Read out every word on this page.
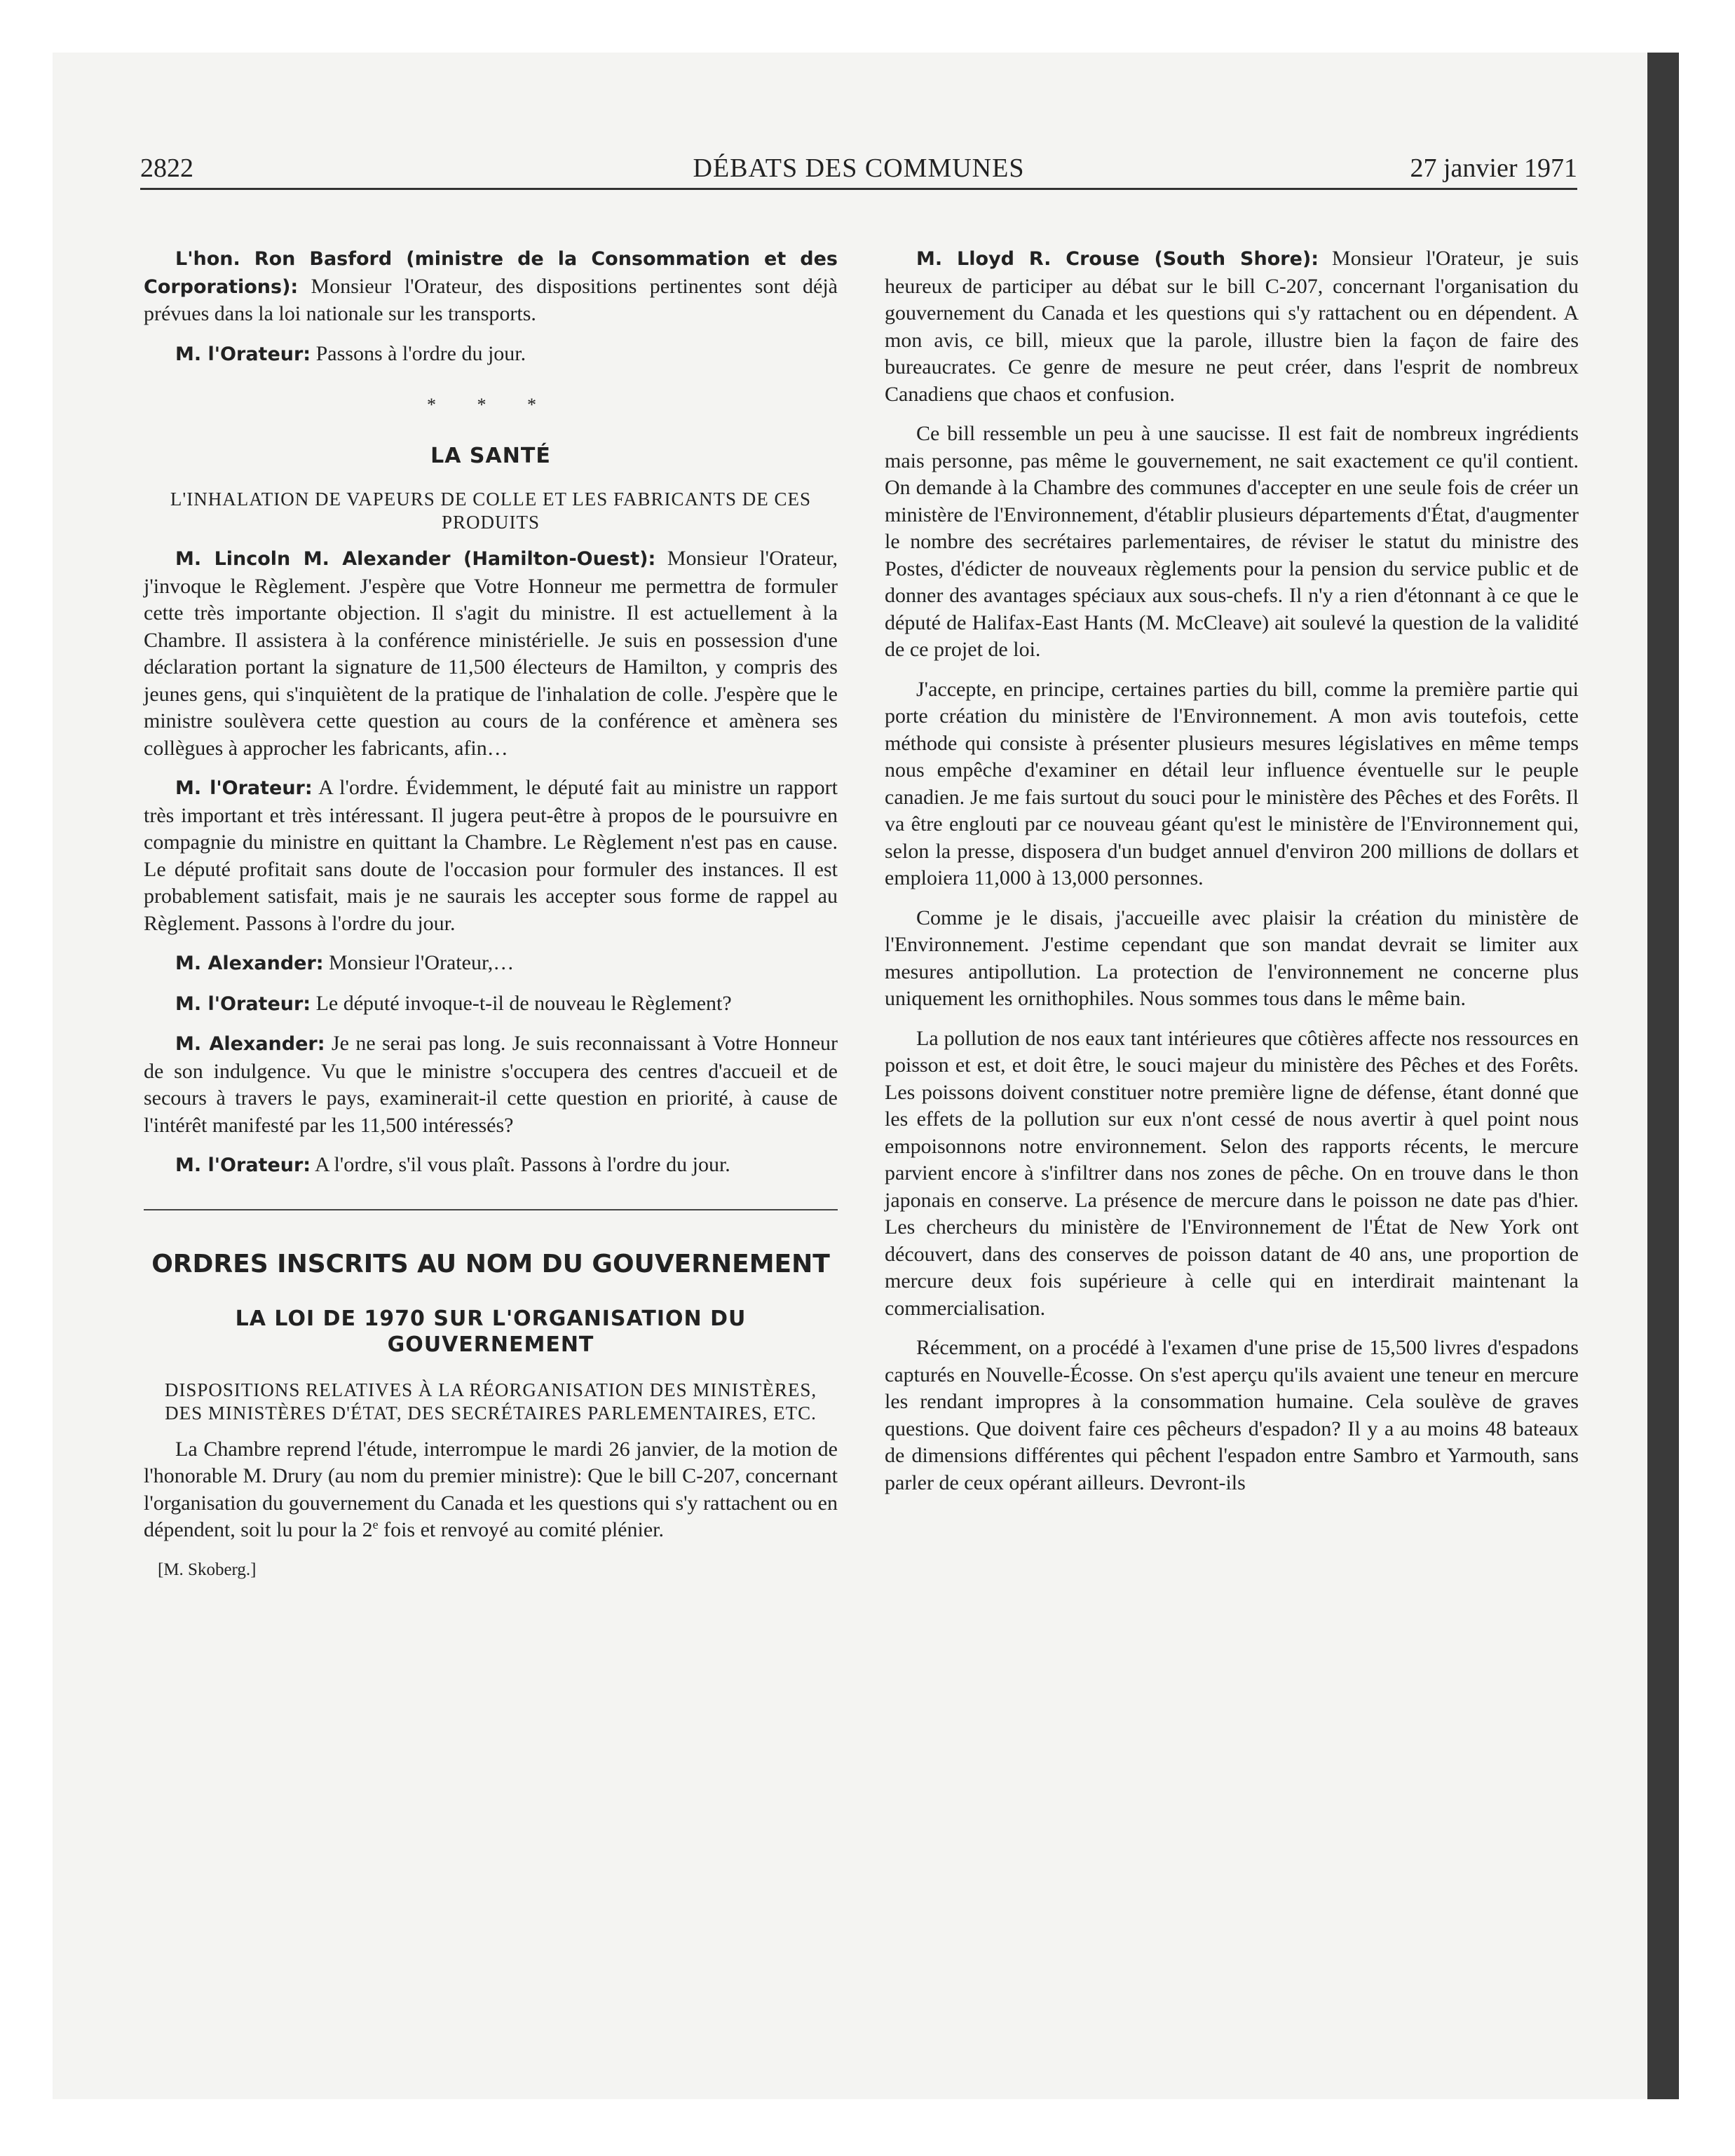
DÉBATS DES COMMUNES
2822	27 janvier 1971

L'hon. Ron Basford (ministre de la Consommation et des Corporations): Monsieur l'Orateur, des dispositions pertinentes sont déjà prévues dans la loi nationale sur les transports.

M. l'Orateur: Passons à l'ordre du jour.

* * *
LA SANTÉ
L'INHALATION DE VAPEURS DE COLLE ET LES FABRICANTS DE CES PRODUITS

M. Lincoln M. Alexander (Hamilton-Ouest): Monsieur l'Orateur, j'invoque le Règlement. J'espère que Votre Honneur me permettra de formuler cette très importante objection. Il s'agit du ministre. Il est actuellement à la Chambre. Il assistera à la conférence ministérielle. Je suis en possession d'une déclaration portant la signature de 11,500 électeurs de Hamilton, y compris des jeunes gens, qui s'inquiètent de la pratique de l'inhalation de colle. J'espère que le ministre soulèvera cette question au cours de la conférence et amènera ses collègues à approcher les fabricants, afin…

M. l'Orateur: A l'ordre. Évidemment, le député fait au ministre un rapport très important et très intéressant. Il jugera peut-être à propos de le poursuivre en compagnie du ministre en quittant la Chambre. Le Règlement n'est pas en cause. Le député profitait sans doute de l'occasion pour formuler des instances. Il est probablement satisfait, mais je ne saurais les accepter sous forme de rappel au Règlement. Passons à l'ordre du jour.

M. Alexander: Monsieur l'Orateur,…

M. l'Orateur: Le député invoque-t-il de nouveau le Règlement?

M. Alexander: Je ne serai pas long. Je suis reconnaissant à Votre Honneur de son indulgence. Vu que le ministre s'occupera des centres d'accueil et de secours à travers le pays, examinerait-il cette question en priorité, à cause de l'intérêt manifesté par les 11,500 intéressés?

M. l'Orateur: A l'ordre, s'il vous plaît. Passons à l'ordre du jour.

ORDRES INSCRITS AU NOM DU GOUVERNEMENT
LA LOI DE 1970 SUR L'ORGANISATION DU GOUVERNEMENT
DISPOSITIONS RELATIVES À LA RÉORGANISATION DES MINISTÈRES, DES MINISTÈRES D'ÉTAT, DES SECRÉTAIRES PARLEMENTAIRES, ETC.

La Chambre reprend l'étude, interrompue le mardi 26 janvier, de la motion de l'honorable M. Drury (au nom du premier ministre): Que le bill C-207, concernant l'organisation du gouvernement du Canada et les questions qui s'y rattachent ou en dépendent, soit lu pour la 2e fois et renvoyé au comité plénier.

[M. Skoberg.]

M. Lloyd R. Crouse (South Shore): Monsieur l'Orateur, je suis heureux de participer au débat sur le bill C-207, concernant l'organisation du gouvernement du Canada et les questions qui s'y rattachent ou en dépendent. A mon avis, ce bill, mieux que la parole, illustre bien la façon de faire des bureaucrates. Ce genre de mesure ne peut créer, dans l'esprit de nombreux Canadiens que chaos et confusion.

Ce bill ressemble un peu à une saucisse. Il est fait de nombreux ingrédients mais personne, pas même le gouvernement, ne sait exactement ce qu'il contient. On demande à la Chambre des communes d'accepter en une seule fois de créer un ministère de l'Environnement, d'établir plusieurs départements d'État, d'augmenter le nombre des secrétaires parlementaires, de réviser le statut du ministre des Postes, d'édicter de nouveaux règlements pour la pension du service public et de donner des avantages spéciaux aux sous-chefs. Il n'y a rien d'étonnant à ce que le député de Halifax-East Hants (M. McCleave) ait soulevé la question de la validité de ce projet de loi.

J'accepte, en principe, certaines parties du bill, comme la première partie qui porte création du ministère de l'Environnement. A mon avis toutefois, cette méthode qui consiste à présenter plusieurs mesures législatives en même temps nous empêche d'examiner en détail leur influence éventuelle sur le peuple canadien. Je me fais surtout du souci pour le ministère des Pêches et des Forêts. Il va être englouti par ce nouveau géant qu'est le ministère de l'Environnement qui, selon la presse, disposera d'un budget annuel d'environ 200 millions de dollars et emploiera 11,000 à 13,000 personnes.

Comme je le disais, j'accueille avec plaisir la création du ministère de l'Environnement. J'estime cependant que son mandat devrait se limiter aux mesures antipollution. La protection de l'environnement ne concerne plus uniquement les ornithophiles. Nous sommes tous dans le même bain.

La pollution de nos eaux tant intérieures que côtières affecte nos ressources en poisson et est, et doit être, le souci majeur du ministère des Pêches et des Forêts. Les poissons doivent constituer notre première ligne de défense, étant donné que les effets de la pollution sur eux n'ont cessé de nous avertir à quel point nous empoisonnons notre environnement. Selon des rapports récents, le mercure parvient encore à s'infiltrer dans nos zones de pêche. On en trouve dans le thon japonais en conserve. La présence de mercure dans le poisson ne date pas d'hier. Les chercheurs du ministère de l'Environnement de l'État de New York ont découvert, dans des conserves de poisson datant de 40 ans, une proportion de mercure deux fois supérieure à celle qui en interdirait maintenant la commercialisation.

Récemment, on a procédé à l'examen d'une prise de 15,500 livres d'espadons capturés en Nouvelle-Écosse. On s'est aperçu qu'ils avaient une teneur en mercure les rendant impropres à la consommation humaine. Cela soulève de graves questions. Que doivent faire ces pêcheurs d'espadon? Il y a au moins 48 bateaux de dimensions différentes qui pêchent l'espadon entre Sambro et Yarmouth, sans parler de ceux opérant ailleurs. Devront-ils
